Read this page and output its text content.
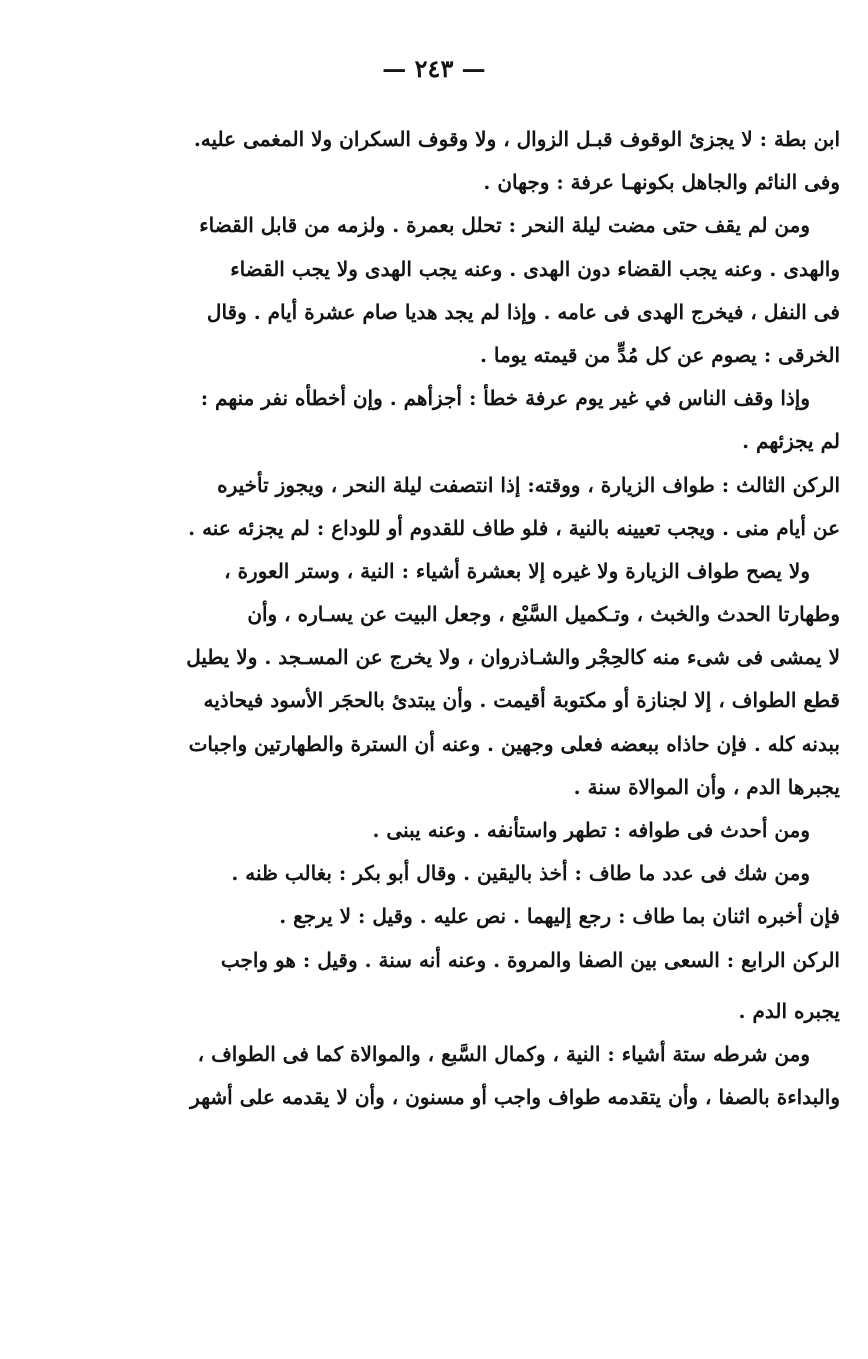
— ٢٤٣ —
ابن بطة : لا يجزئ الوقوف قبـل الزوال ، ولا وقوف السكران ولا المغمى عليه.
وفى النائم والجاهل بكونهـا عرفة : وجهان .
ومن لم يقف حتى مضت ليلة النحر : تحلل بعمرة . ولزمه من قابل القضاء
والهدى . وعنه يجب القضاء دون الهدى . وعنه يجب الهدى ولا يجب القضاء
فى النفل ، فيخرج الهدى فى عامه . وإذا لم يجد هديا صام عشرة أيام . وقال
الخرقى : يصوم عن كل مُدٍّ من قيمته يوما .
وإذا وقف الناس في غير يوم عرفة خطأ : أجزأهم . وإن أخطأه نفر منهم :
لم يجزئهم .
الركن الثالث : طواف الزيارة ، ووقته: إذا انتصفت ليلة النحر ، ويجوز تأخيره
عن أيام منى . ويجب تعيينه بالنية ، فلو طاف للقدوم أو للوداع : لم يجزئه عنه .
ولا يصح طواف الزيارة ولا غيره إلا بعشرة أشياء : النية ، وستر العورة ،
وطهارتا الحدث والخبث ، وتـكميل السَّبْع ، وجعل البيت عن يسـاره ، وأن
لا يمشى فى شىء منه كالحِجْر والشـاذروان ، ولا يخرج عن المسـجد . ولا يطيل
قطع الطواف ، إلا لجنازة أو مكتوبة أقيمت . وأن يبتدئ بالحجَر الأسود فيحاذيه
ببدنه كله . فإن حاذاه ببعضه فعلى وجهين . وعنه أن السترة والطهارتين واجبات
يجبرها الدم ، وأن الموالاة سنة .
ومن أحدث فى طوافه : تطهر واستأنفه . وعنه يبنى .
ومن شك فى عدد ما طاف : أخذ باليقين . وقال أبو بكر : بغالب ظنه .
فإن أخبره اثنان بما طاف : رجع إليهما . نص عليه . وقيل : لا يرجع .
الركن الرابع : السعى بين الصفا والمروة . وعنه أنه سنة . وقيل : هو واجب
يجبره الدم .
ومن شرطه ستة أشياء : النية ، وكمال السَّبع ، والموالاة كما فى الطواف ،
والبداءة بالصفا ، وأن يتقدمه طواف واجب أو مسنون ، وأن لا يقدمه على أشهر
